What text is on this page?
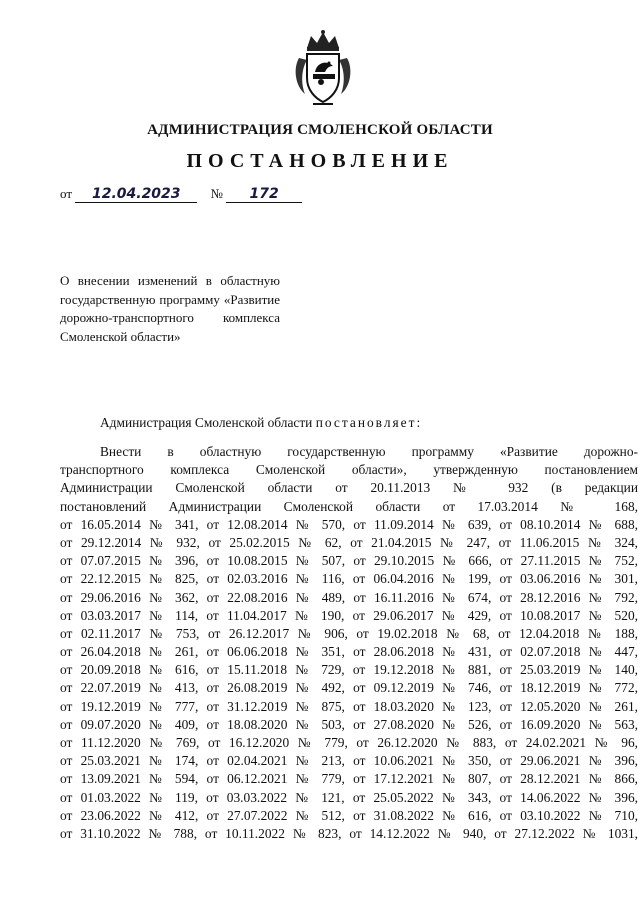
АДМИНИСТРАЦИЯ СМОЛЕНСКОЙ ОБЛАСТИ
ПОСТАНОВЛЕНИЕ
от 12.04.2023 № 172
О внесении изменений в областную государственную программу «Развитие дорожно-транспортного комплекса Смоленской области»
Администрация Смоленской области постановляет:
Внести в областную государственную программу «Развитие дорожно-
транспортного комплекса Смоленской области», утвержденную постановлением
Администрации Смоленской области от 20.11.2013 № 932 (в редакции
постановлений Администрации Смоленской области от 17.03.2014 № 168,
от 16.05.2014 № 341, от 12.08.2014 № 570, от 11.09.2014 № 639, от 08.10.2014 № 688,
от 29.12.2014 № 932, от 25.02.2015 № 62, от 21.04.2015 № 247, от 11.06.2015 № 324,
от 07.07.2015 № 396, от 10.08.2015 № 507, от 29.10.2015 № 666, от 27.11.2015 № 752,
от 22.12.2015 № 825, от 02.03.2016 № 116, от 06.04.2016 № 199, от 03.06.2016 № 301,
от 29.06.2016 № 362, от 22.08.2016 № 489, от 16.11.2016 № 674, от 28.12.2016 № 792,
от 03.03.2017 № 114, от 11.04.2017 № 190, от 29.06.2017 № 429, от 10.08.2017 № 520,
от 02.11.2017 № 753, от 26.12.2017 № 906, от 19.02.2018 № 68, от 12.04.2018 № 188,
от 26.04.2018 № 261, от 06.06.2018 № 351, от 28.06.2018 № 431, от 02.07.2018 № 447,
от 20.09.2018 № 616, от 15.11.2018 № 729, от 19.12.2018 № 881, от 25.03.2019 № 140,
от 22.07.2019 № 413, от 26.08.2019 № 492, от 09.12.2019 № 746, от 18.12.2019 № 772,
от 19.12.2019 № 777, от 31.12.2019 № 875, от 18.03.2020 № 123, от 12.05.2020 № 261,
от 09.07.2020 № 409, от 18.08.2020 № 503, от 27.08.2020 № 526, от 16.09.2020 № 563,
от 11.12.2020 № 769, от 16.12.2020 № 779, от 26.12.2020 № 883, от 24.02.2021 № 96,
от 25.03.2021 № 174, от 02.04.2021 № 213, от 10.06.2021 № 350, от 29.06.2021 № 396,
от 13.09.2021 № 594, от 06.12.2021 № 779, от 17.12.2021 № 807, от 28.12.2021 № 866,
от 01.03.2022 № 119, от 03.03.2022 № 121, от 25.05.2022 № 343, от 14.06.2022 № 396,
от 23.06.2022 № 412, от 27.07.2022 № 512, от 31.08.2022 № 616, от 03.10.2022 № 710,
от 31.10.2022 № 788, от 10.11.2022 № 823, от 14.12.2022 № 940, от 27.12.2022 № 1031,
